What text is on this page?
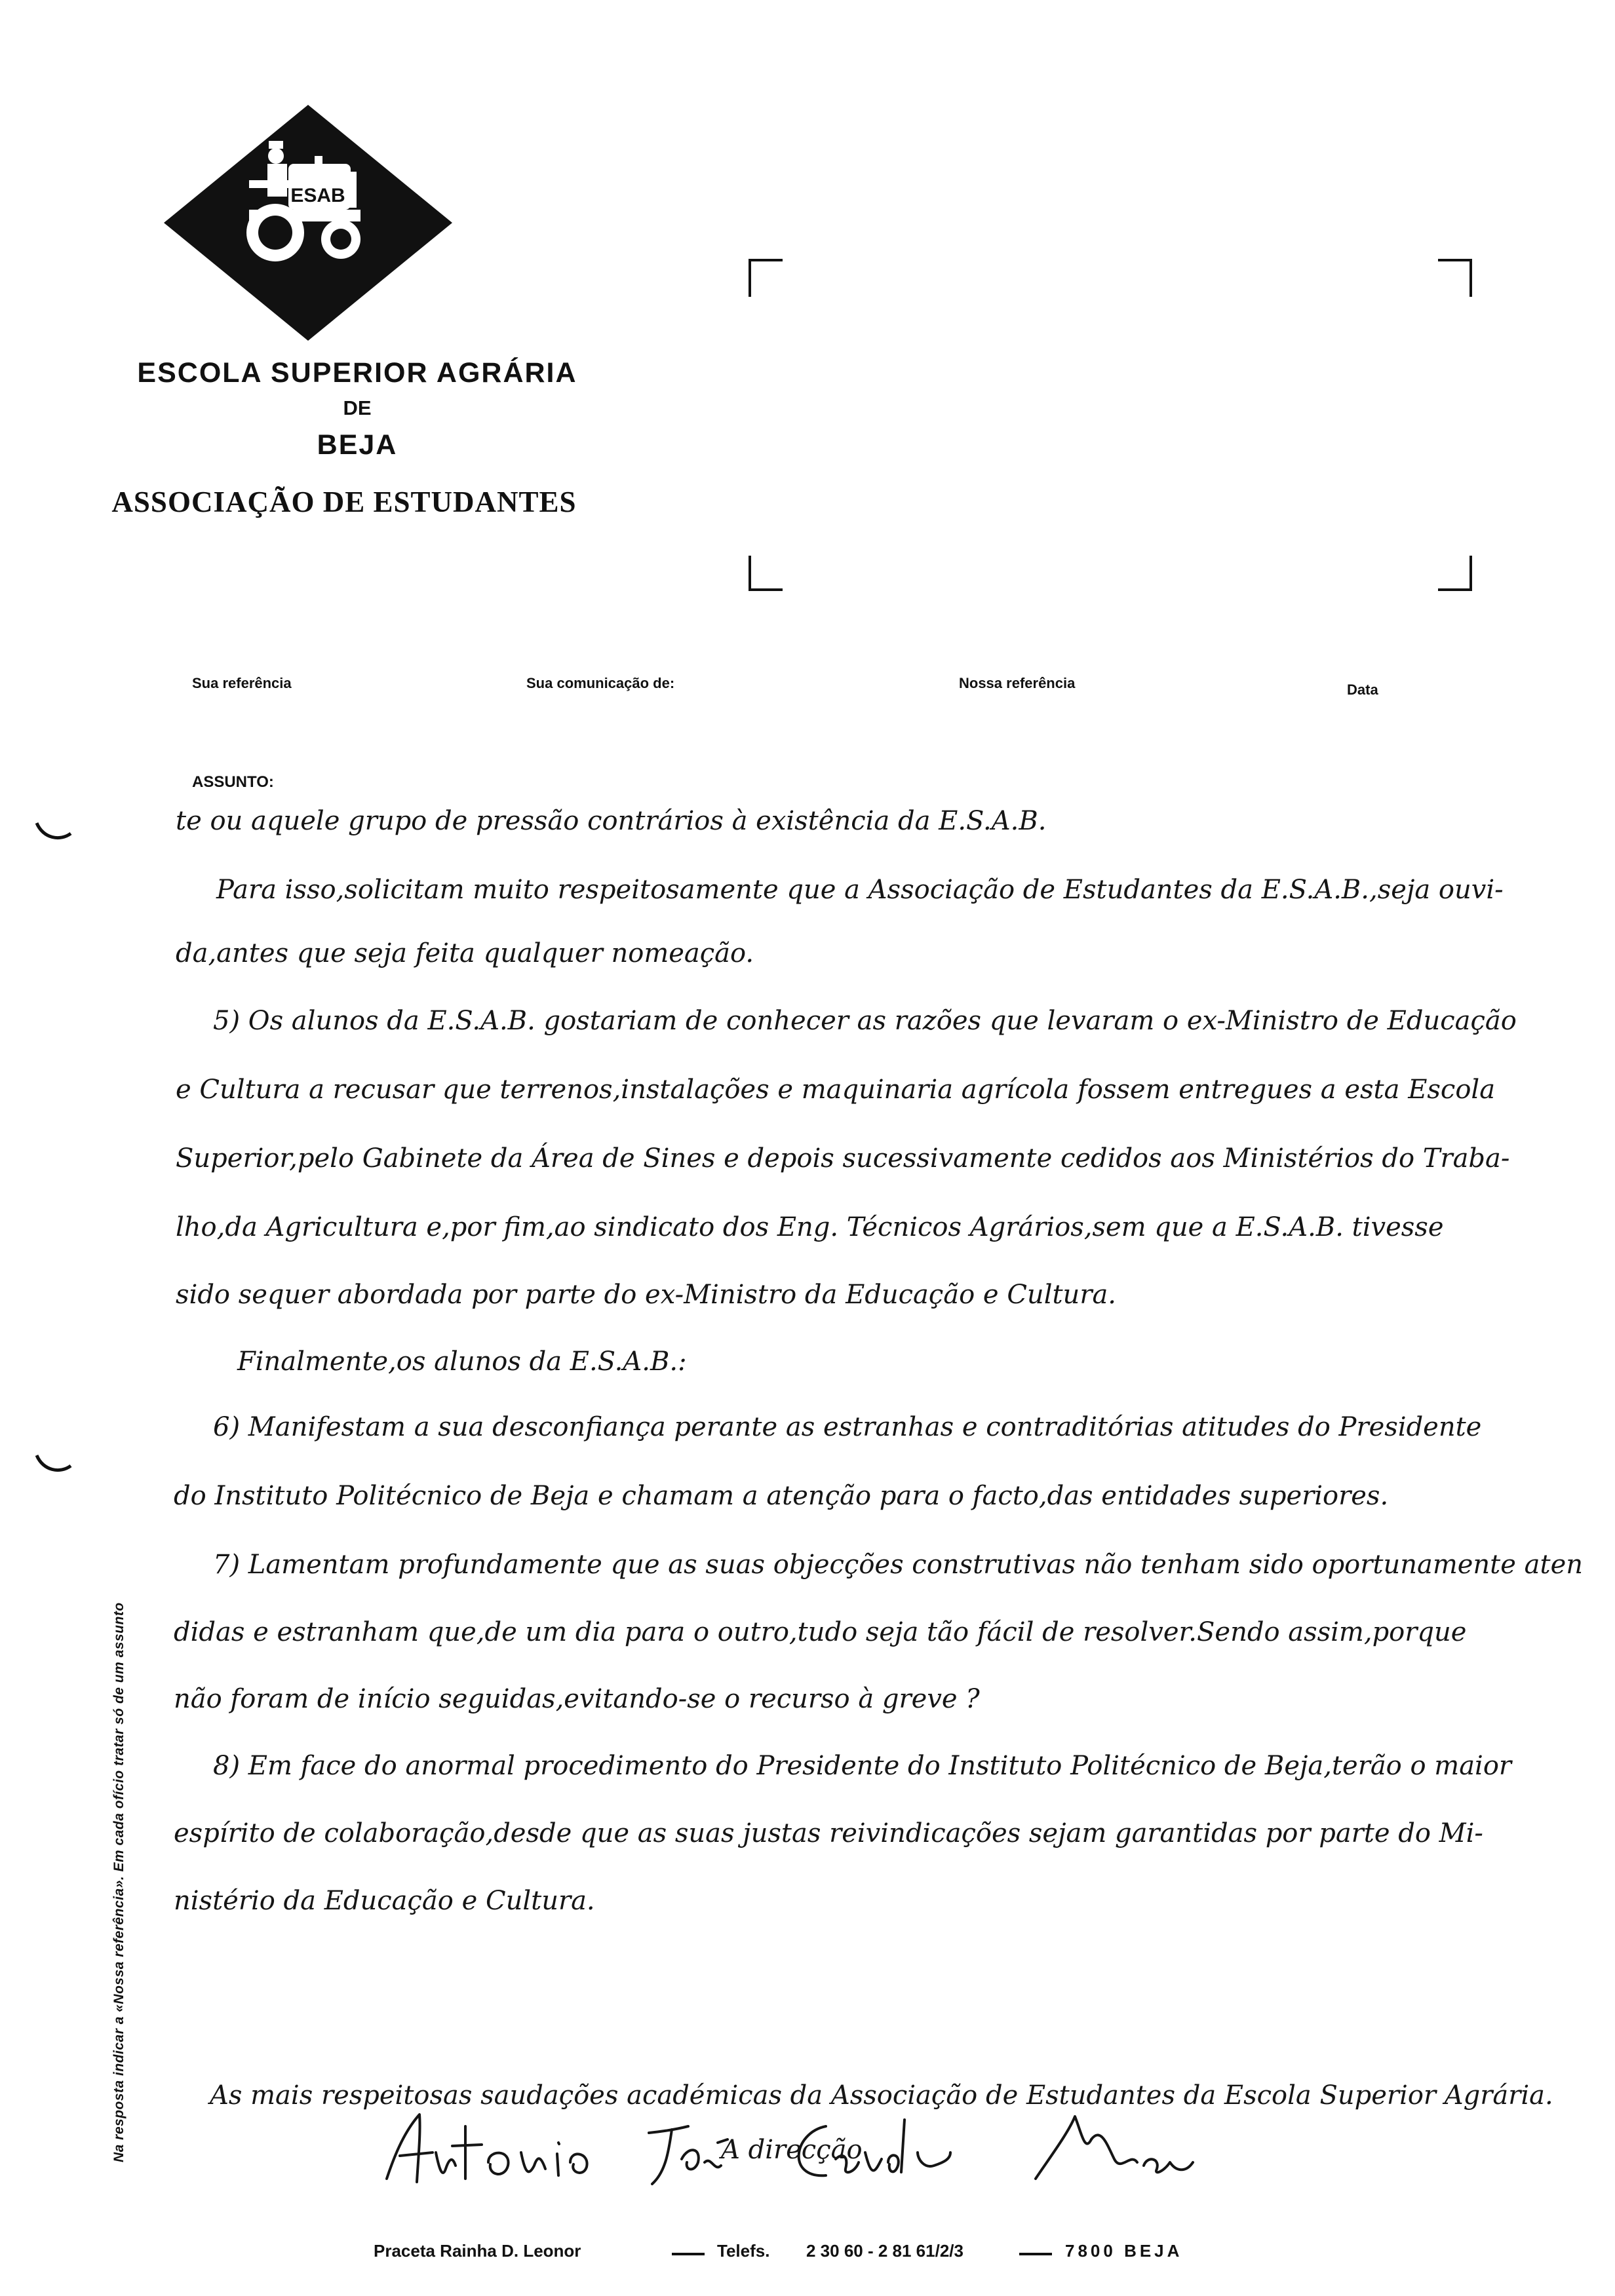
ESAB
ESCOLA SUPERIOR AGRÁRIA
DE
BEJA
ASSOCIAÇÃO DE ESTUDANTES
Sua referência	Sua comunicação de:	Nossa referência	Data
ASSUNTO:
te ou aquele grupo de pressão contrários à existência da E.S.A.B.
Para isso,solicitam muito respeitosamente que a Associação de Estudantes da E.S.A.B.,seja ouvi-
da,antes que seja feita qualquer nomeação.
5) Os alunos da E.S.A.B. gostariam de conhecer as razões que levaram o ex-Ministro de Educação
e Cultura a recusar que terrenos,instalações e maquinaria agrícola fossem entregues a esta Escola
Superior,pelo Gabinete da Área de Sines e depois sucessivamente cedidos aos Ministérios do Traba-
lho,da Agricultura e,por fim,ao sindicato dos Eng. Técnicos Agrários,sem que a E.S.A.B. tivesse
sido sequer abordada por parte do ex-Ministro da Educação e Cultura.
Finalmente,os alunos da E.S.A.B.:
6) Manifestam a sua desconfiança perante as estranhas e contraditórias atitudes do Presidente
do Instituto Politécnico de Beja e chamam a atenção para o facto,das entidades superiores.
7) Lamentam profundamente que as suas objecções construtivas não tenham sido oportunamente aten
didas e estranham que,de um dia para o outro,tudo seja tão fácil de resolver.Sendo assim,porque
não foram de início seguidas,evitando-se o recurso à greve ?
8) Em face do anormal procedimento do Presidente do Instituto Politécnico de Beja,terão o maior
espírito de colaboração,desde que as suas justas reivindicações sejam garantidas por parte do Mi-
nistério da Educação e Cultura.
As mais respeitosas saudações académicas da Associação de Estudantes da Escola Superior Agrária.
A direcção
Praceta Rainha D. Leonor	Telefs. 2 30 60 - 2 81 61/2/3	7800 BEJA
Na resposta indicar a «Nossa referência». Em cada ofício tratar só de um assunto
